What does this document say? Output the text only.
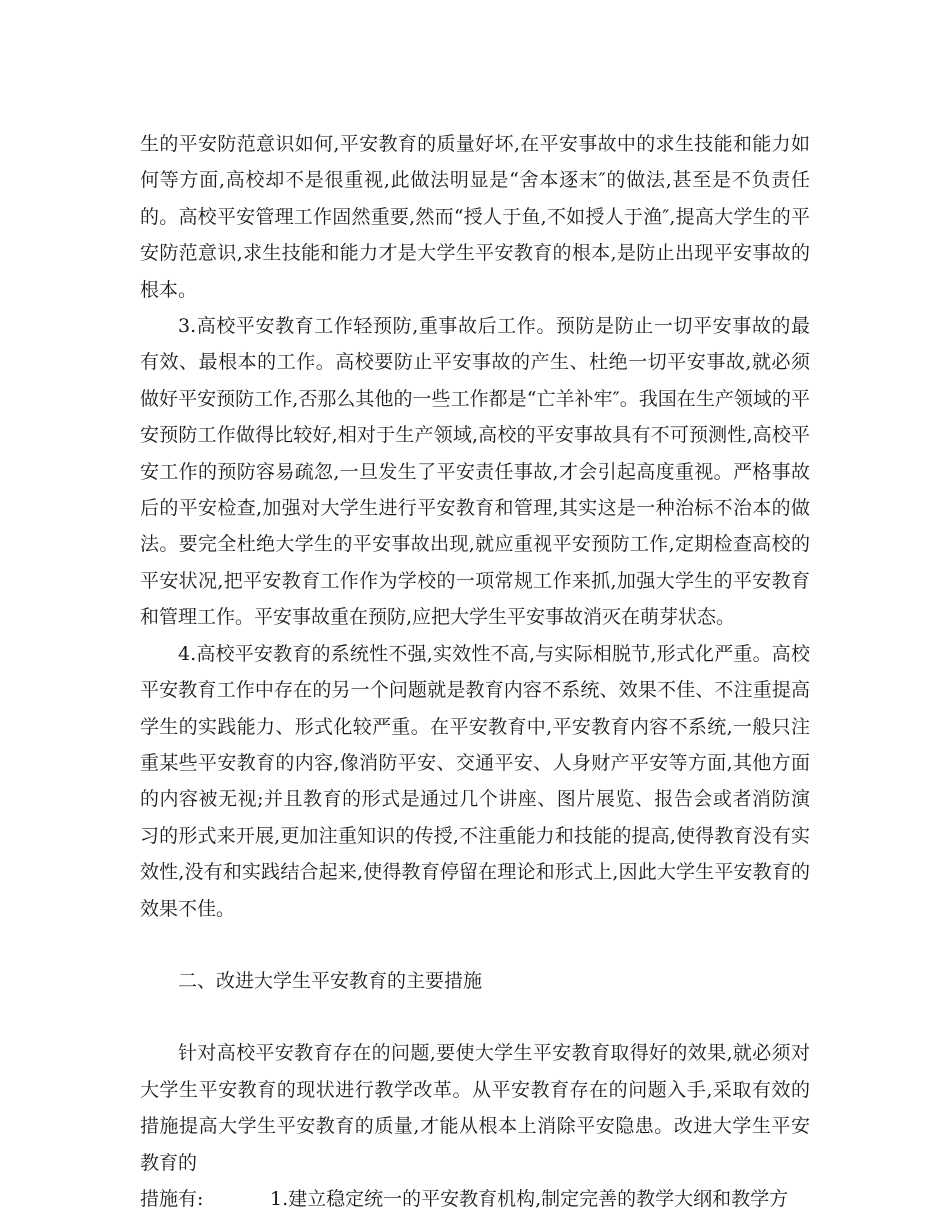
生的平安防范意识如何,平安教育的质量好坏,在平安事故中的求生技能和能力如何等方面,高校却不是很重视,此做法明显是“舍本逐末″的做法,甚至是不负责任的。高校平安管理工作固然重要,然而“授人于鱼,不如授人于渔″,提高大学生的平安防范意识,求生技能和能力才是大学生平安教育的根本,是防止出现平安事故的根本。

3.高校平安教育工作轻预防,重事故后工作。预防是防止一切平安事故的最有效、最根本的工作。高校要防止平安事故的产生、杜绝一切平安事故,就必须做好平安预防工作,否那么其他的一些工作都是“亡羊补牢″。我国在生产领域的平安预防工作做得比较好,相对于生产领域,高校的平安事故具有不可预测性,高校平安工作的预防容易疏忽,一旦发生了平安责任事故,才会引起高度重视。严格事故后的平安检查,加强对大学生进行平安教育和管理,其实这是一种治标不治本的做法。要完全杜绝大学生的平安事故出现,就应重视平安预防工作,定期检查高校的平安状况,把平安教育工作作为学校的一项常规工作来抓,加强大学生的平安教育和管理工作。平安事故重在预防,应把大学生平安事故消灭在萌芽状态。

4.高校平安教育的系统性不强,实效性不高,与实际相脱节,形式化严重。高校平安教育工作中存在的另一个问题就是教育内容不系统、效果不佳、不注重提高学生的实践能力、形式化较严重。在平安教育中,平安教育内容不系统,一般只注重某些平安教育的内容,像消防平安、交通平安、人身财产平安等方面,其他方面的内容被无视;并且教育的形式是通过几个讲座、图片展览、报告会或者消防演习的形式来开展,更加注重知识的传授,不注重能力和技能的提高,使得教育没有实效性,没有和实践结合起来,使得教育停留在理论和形式上,因此大学生平安教育的效果不佳。

二、改进大学生平安教育的主要措施

针对高校平安教育存在的问题,要使大学生平安教育取得好的效果,就必须对大学生平安教育的现状进行教学改革。从平安教育存在的问题入手,采取有效的措施提高大学生平安教育的质量,才能从根本上消除平安隐患。改进大学生平安教育的

措施有:	1.建立稳定统一的平安教育机构,制定完善的教学大纲和教学方
